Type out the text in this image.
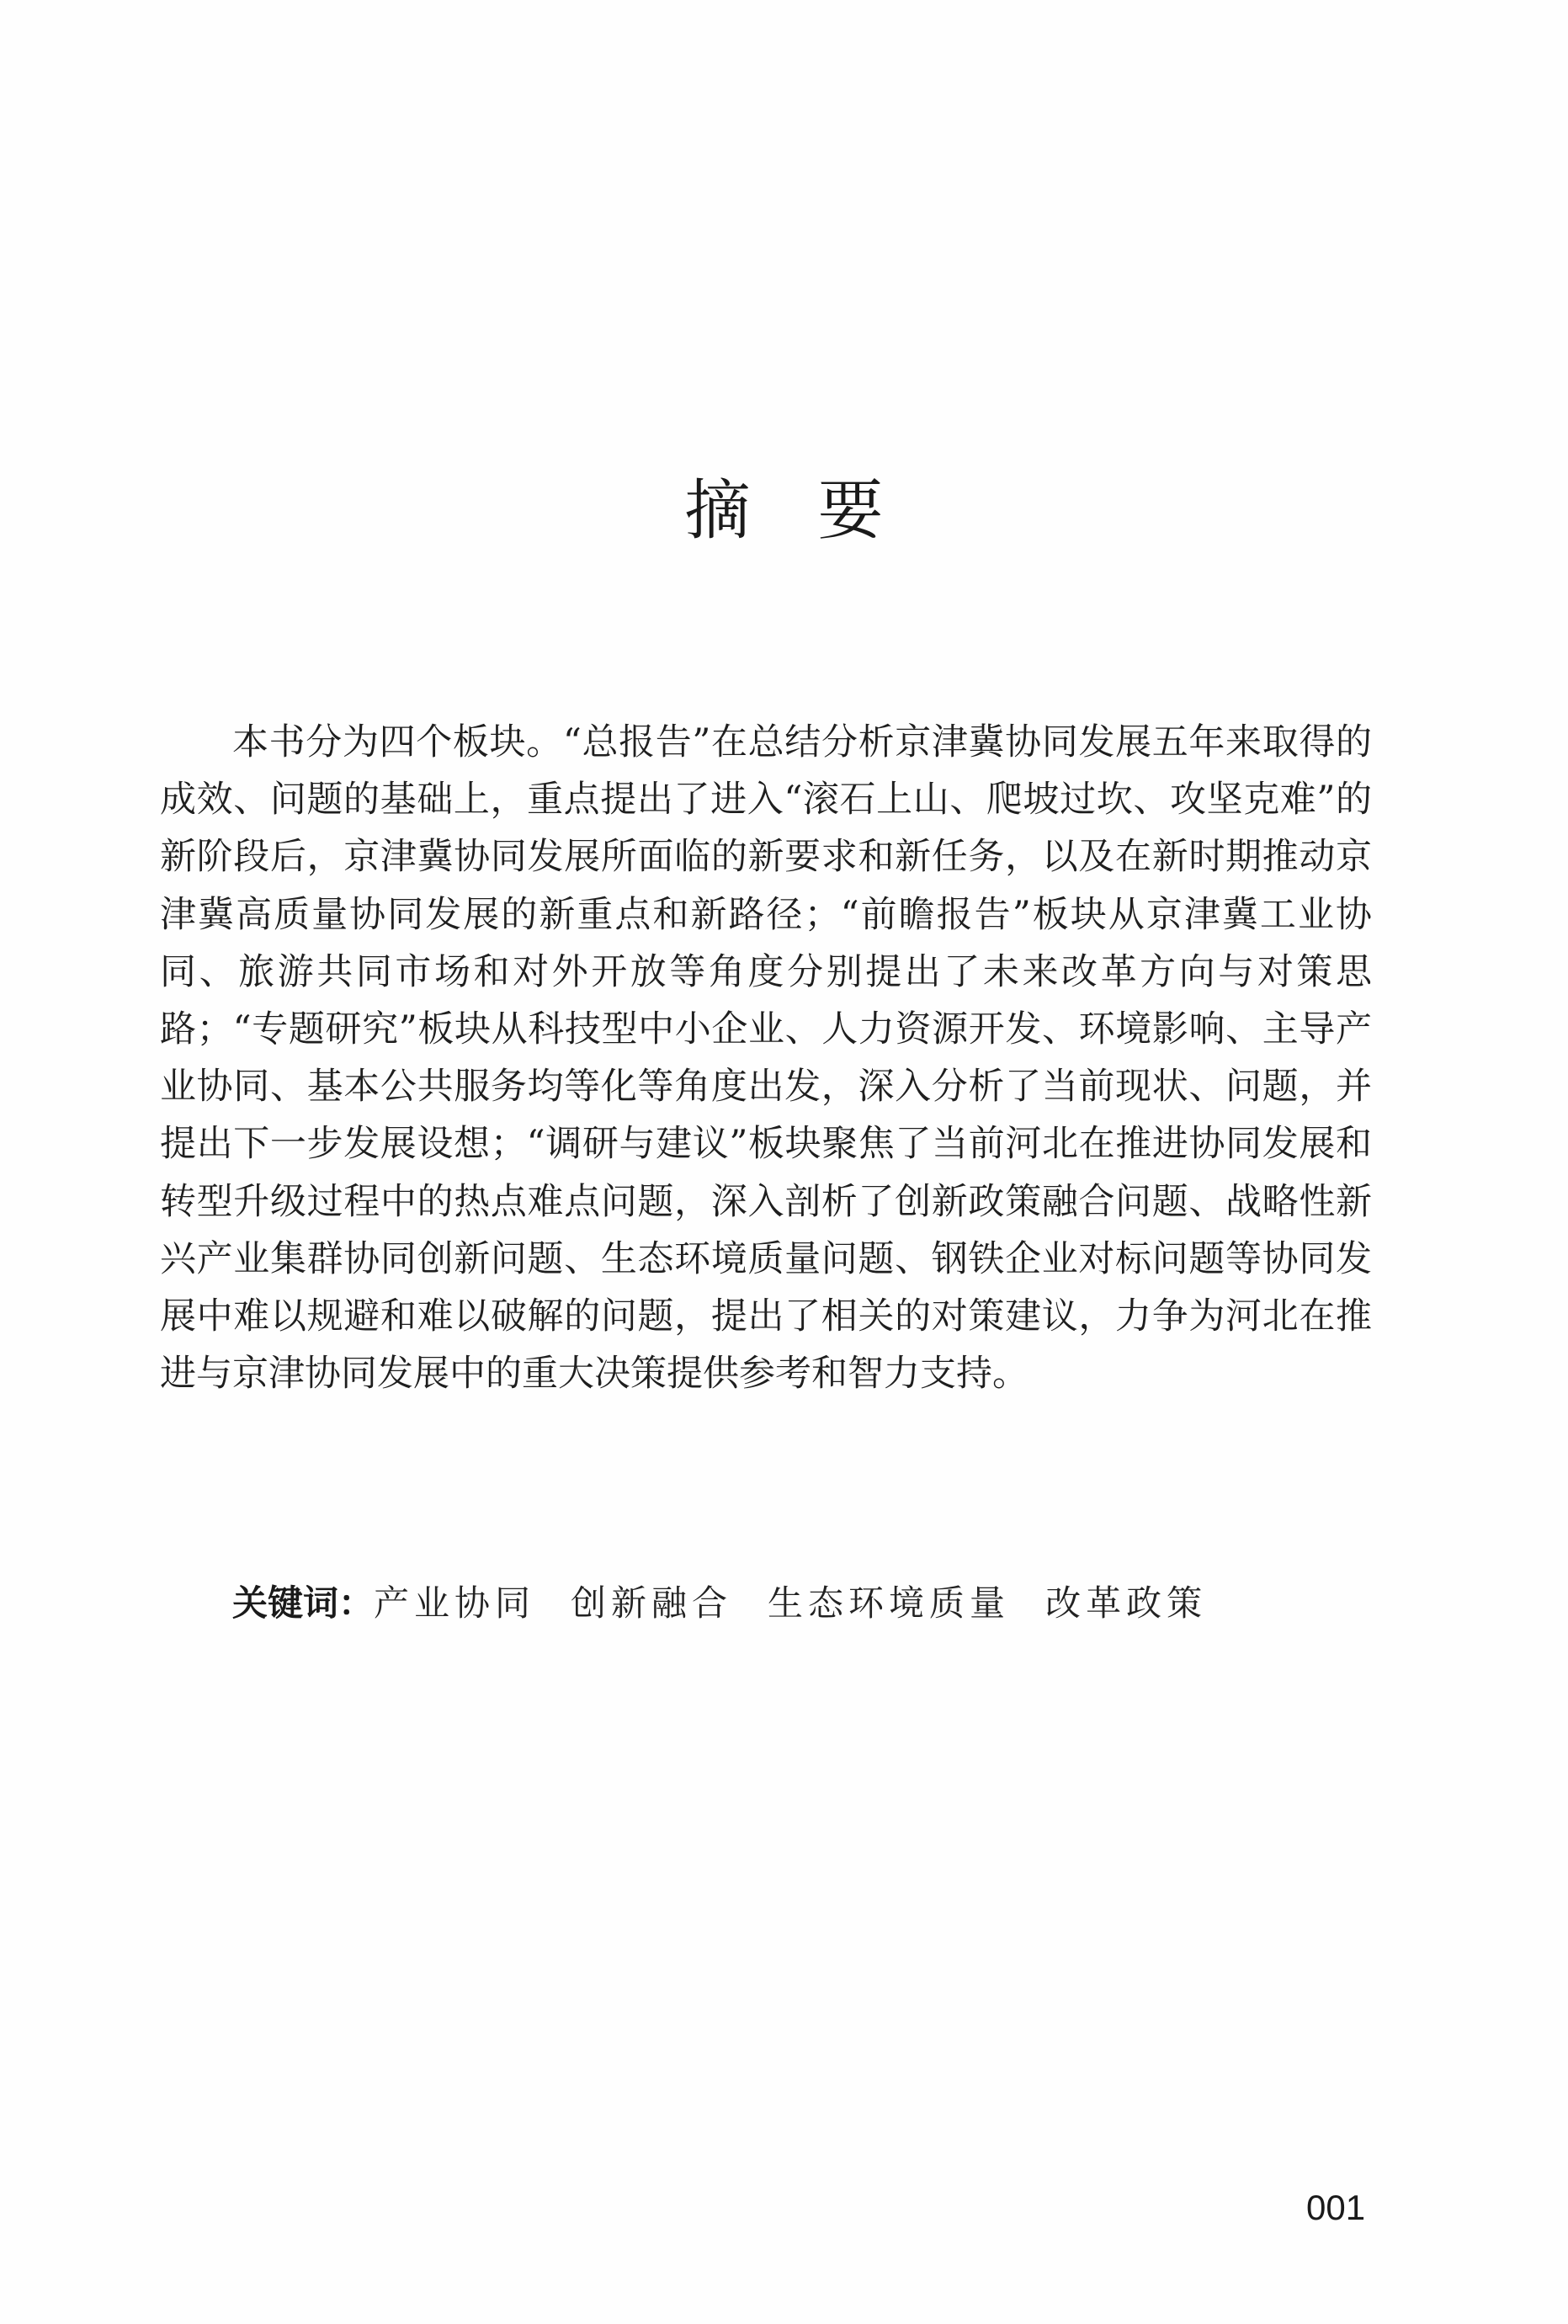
摘要

本书分为四个板块。“总报告”在总结分析京津冀协同发展五年来取得的成效、问题的基础上，重点提出了进入“滚石上山、爬坡过坎、攻坚克难”的新阶段后，京津冀协同发展所面临的新要求和新任务，以及在新时期推动京津冀高质量协同发展的新重点和新路径；“前瞻报告”板块从京津冀工业协同、旅游共同市场和对外开放等角度分别提出了未来改革方向与对策思路；“专题研究”板块从科技型中小企业、人力资源开发、环境影响、主导产业协同、基本公共服务均等化等角度出发，深入分析了当前现状、问题，并提出下一步发展设想；“调研与建议”板块聚焦了当前河北在推进协同发展和转型升级过程中的热点难点问题，深入剖析了创新政策融合问题、战略性新兴产业集群协同创新问题、生态环境质量问题、钢铁企业对标问题等协同发展中难以规避和难以破解的问题，提出了相关的对策建议，力争为河北在推进与京津协同发展中的重大决策提供参考和智力支持。

关键词：产业协同 创新融合 生态环境质量 改革政策
001
